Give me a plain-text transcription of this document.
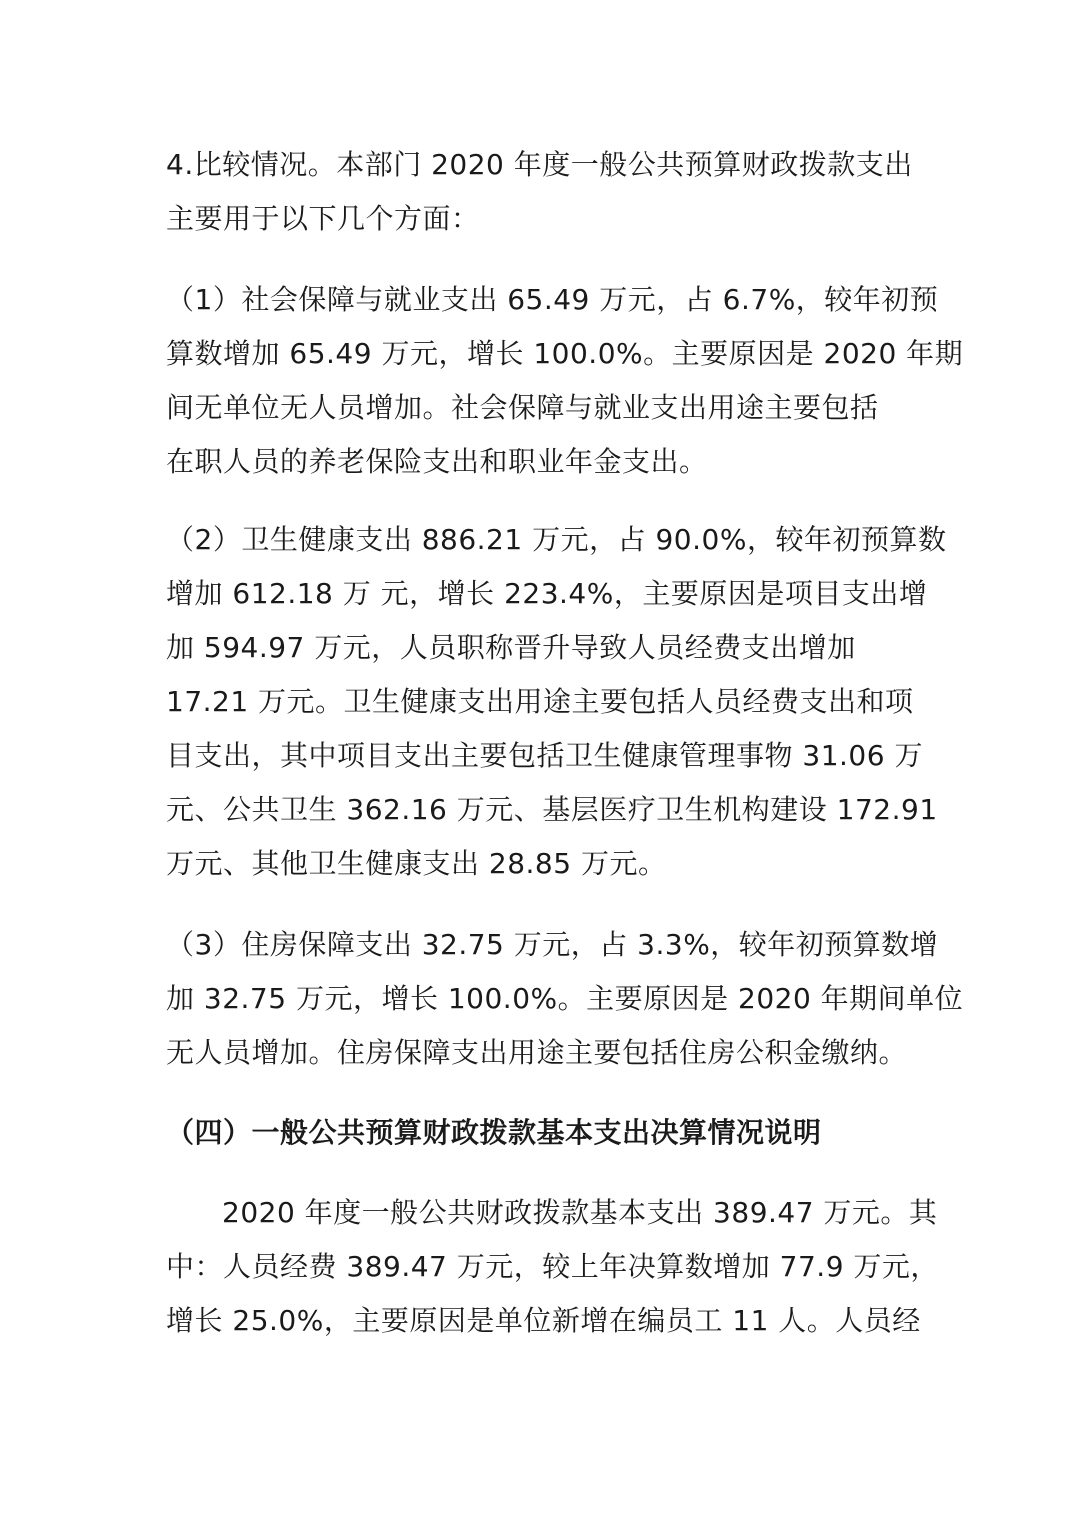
4.比较情况。本部门 2020 年度一般公共预算财政拨款支出
主要用于以下几个方面：
（1）社会保障与就业支出 65.49 万元，占 6.7%，较年初预
算数增加 65.49 万元，增长 100.0%。主要原因是 2020 年期
间无单位无人员增加。社会保障与就业支出用途主要包括
在职人员的养老保险支出和职业年金支出。
（2）卫生健康支出 886.21 万元，占 90.0%，较年初预算数
增加 612.18 万 元，增长 223.4%，主要原因是项目支出增
加 594.97 万元，人员职称晋升导致人员经费支出增加
17.21 万元。卫生健康支出用途主要包括人员经费支出和项
目支出，其中项目支出主要包括卫生健康管理事物 31.06 万
元、公共卫生 362.16 万元、基层医疗卫生机构建设 172.91
万元、其他卫生健康支出 28.85 万元。
（3）住房保障支出 32.75 万元，占 3.3%，较年初预算数增
加 32.75 万元，增长 100.0%。主要原因是 2020 年期间单位
无人员增加。住房保障支出用途主要包括住房公积金缴纳。
（四）一般公共预算财政拨款基本支出决算情况说明
2020 年度一般公共财政拨款基本支出 389.47 万元。其
中：人员经费 389.47 万元，较上年决算数增加 77.9 万元，
增长 25.0%，主要原因是单位新增在编员工 11 人。人员经
